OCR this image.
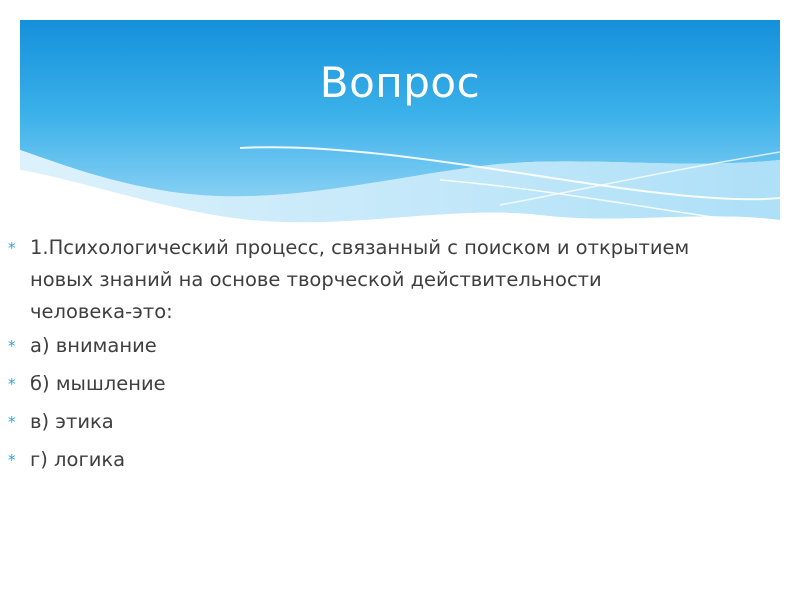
Вопрос
* 1.Психологический процесс, связанный с поиском и открытием
новых знаний на основе творческой действительности
человека-это:
* а) внимание
* б) мышление
* в) этика
* г) логика
